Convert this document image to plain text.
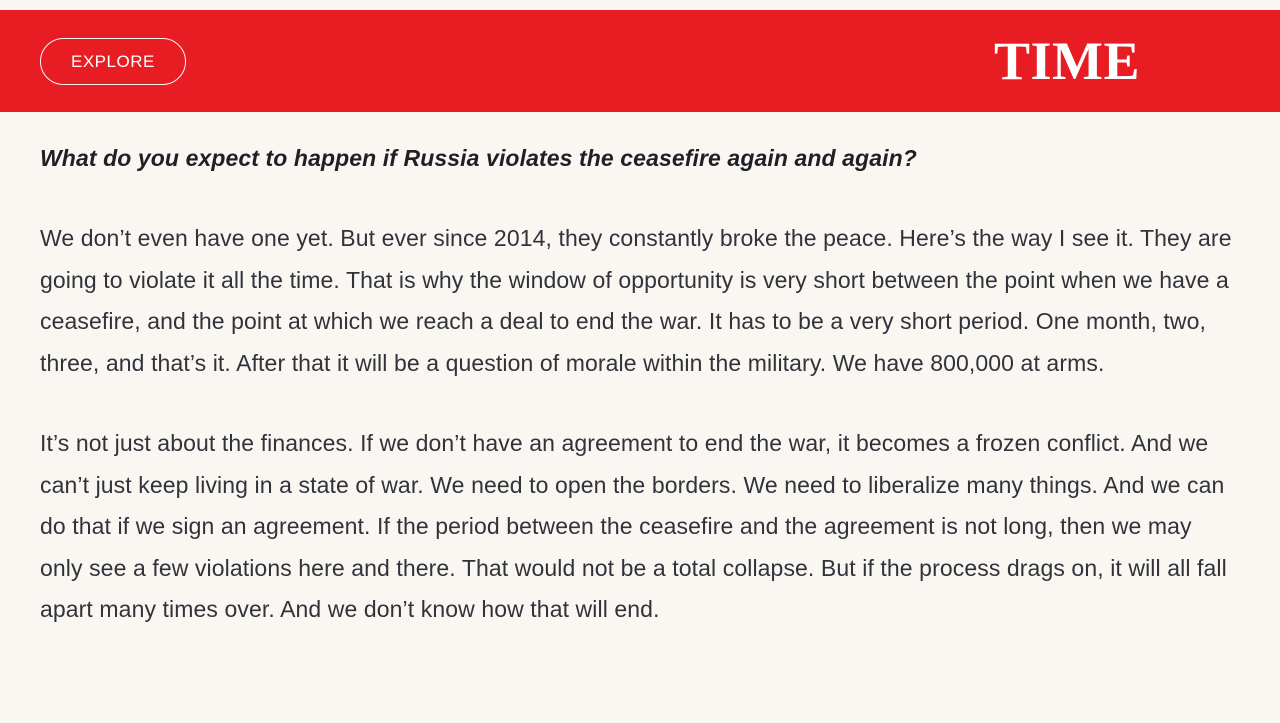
EXPLORE	TIME
What do you expect to happen if Russia violates the ceasefire again and again?

We don’t even have one yet. But ever since 2014, they constantly broke the peace. Here’s the way I see it. They are going to violate it all the time. That is why the window of opportunity is very short between the point when we have a ceasefire, and the point at which we reach a deal to end the war. It has to be a very short period. One month, two, three, and that’s it. After that it will be a question of morale within the military. We have 800,000 at arms.

It’s not just about the finances. If we don’t have an agreement to end the war, it becomes a frozen conflict. And we can’t just keep living in a state of war. We need to open the borders. We need to liberalize many things. And we can do that if we sign an agreement. If the period between the ceasefire and the agreement is not long, then we may only see a few violations here and there. That would not be a total collapse. But if the process drags on, it will all fall apart many times over. And we don’t know how that will end.
